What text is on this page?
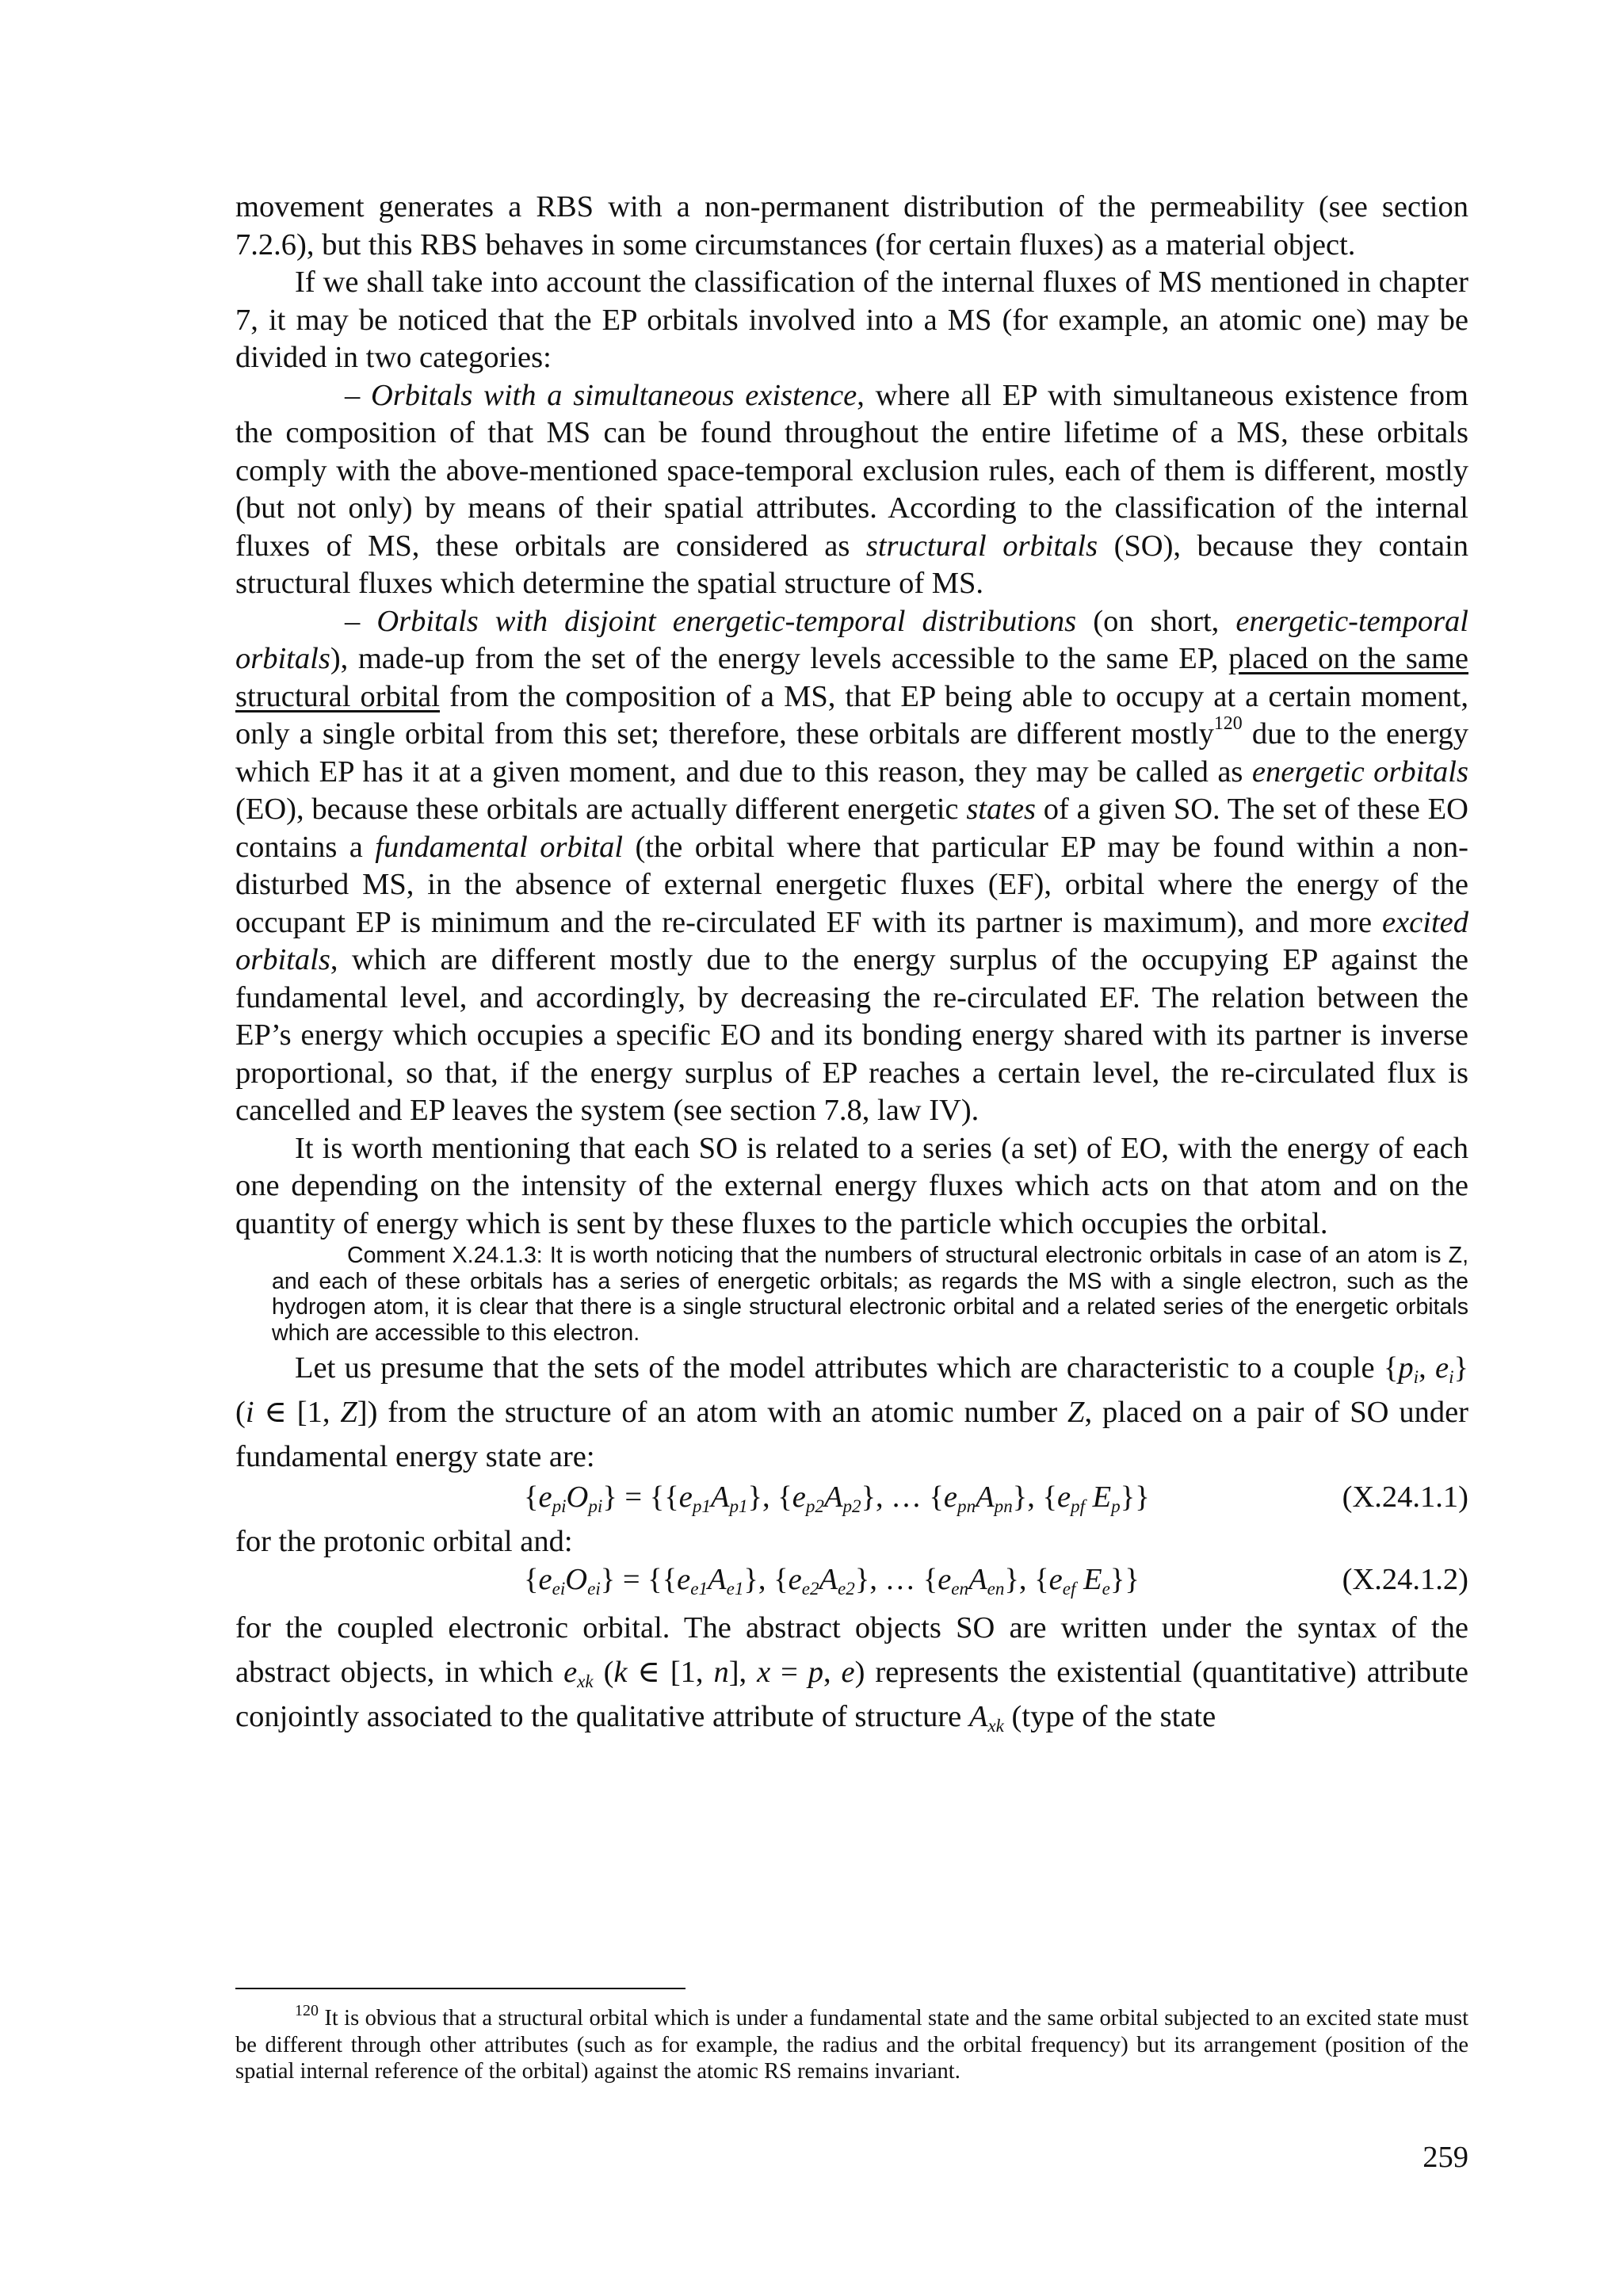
movement generates a RBS with a non-permanent distribution of the permeability (see section 7.2.6), but this RBS behaves in some circumstances (for certain fluxes) as a material object.

If we shall take into account the classification of the internal fluxes of MS mentioned in chapter 7, it may be noticed that the EP orbitals involved into a MS (for example, an atomic one) may be divided in two categories:

– Orbitals with a simultaneous existence, where all EP with simultaneous existence from the composition of that MS can be found throughout the entire lifetime of a MS, these orbitals comply with the above-mentioned space-temporal exclusion rules, each of them is different, mostly (but not only) by means of their spatial attributes. According to the classification of the internal fluxes of MS, these orbitals are considered as structural orbitals (SO), because they contain structural fluxes which determine the spatial structure of MS.

– Orbitals with disjoint energetic-temporal distributions (on short, energetic-temporal orbitals), made-up from the set of the energy levels accessible to the same EP, placed on the same structural orbital from the composition of a MS, that EP being able to occupy at a certain moment, only a single orbital from this set; therefore, these orbitals are different mostly$^{120}$ due to the energy which EP has it at a given moment, and due to this reason, they may be called as energetic orbitals (EO), because these orbitals are actually different energetic states of a given SO. The set of these EO contains a fundamental orbital (the orbital where that particular EP may be found within a non-disturbed MS, in the absence of external energetic fluxes (EF), orbital where the energy of the occupant EP is minimum and the re-circulated EF with its partner is maximum), and more excited orbitals, which are different mostly due to the energy surplus of the occupying EP against the fundamental level, and accordingly, by decreasing the re-circulated EF. The relation between the EP’s energy which occupies a specific EO and its bonding energy shared with its partner is inverse proportional, so that, if the energy surplus of EP reaches a certain level, the re-circulated flux is cancelled and EP leaves the system (see section 7.8, law IV).

It is worth mentioning that each SO is related to a series (a set) of EO, with the energy of each one depending on the intensity of the external energy fluxes which acts on that atom and on the quantity of energy which is sent by these fluxes to the particle which occupies the orbital.

Comment X.24.1.3: It is worth noticing that the numbers of structural electronic orbitals in case of an atom is Z, and each of these orbitals has a series of energetic orbitals; as regards the MS with a single electron, such as the hydrogen atom, it is clear that there is a single structural electronic orbital and a related series of the energetic orbitals which are accessible to this electron.

Let us presume that the sets of the model attributes which are characteristic to a couple {$p_i$, $e_i$} (i ∈ [1, Z]) from the structure of an atom with an atomic number Z, placed on a pair of SO under fundamental energy state are:

$\{e_{pi}O_{pi}\} = \{\{e_{p1}A_{p1}\}$, $\{e_{p2}A_{p2}\}$, … $\{e_{pn}A_{pn}\}$, {$e_{pf}$ $E_p$}}	(X.24.1.1)

for the protonic orbital and:

$\{e_{ei}O_{ei}\} = \{\{e_{e1}A_{e1}\}$, $\{e_{e2}A_{e2}\}$, … $\{e_{en}A_{en}\}$, {$e_{ef}$ $E_e$}}	(X.24.1.2)

for the coupled electronic orbital. The abstract objects SO are written under the syntax of the abstract objects, in which $e_{xk}$ (k ∈ [1, n], x = p, e) represents the existential (quantitative) attribute conjointly associated to the qualitative attribute of structure $A_{xk}$ (type of the state

$^{120}$ It is obvious that a structural orbital which is under a fundamental state and the same orbital subjected to an excited state must be different through other attributes (such as for example, the radius and the orbital frequency) but its arrangement (position of the spatial internal reference of the orbital) against the atomic RS remains invariant.

259
